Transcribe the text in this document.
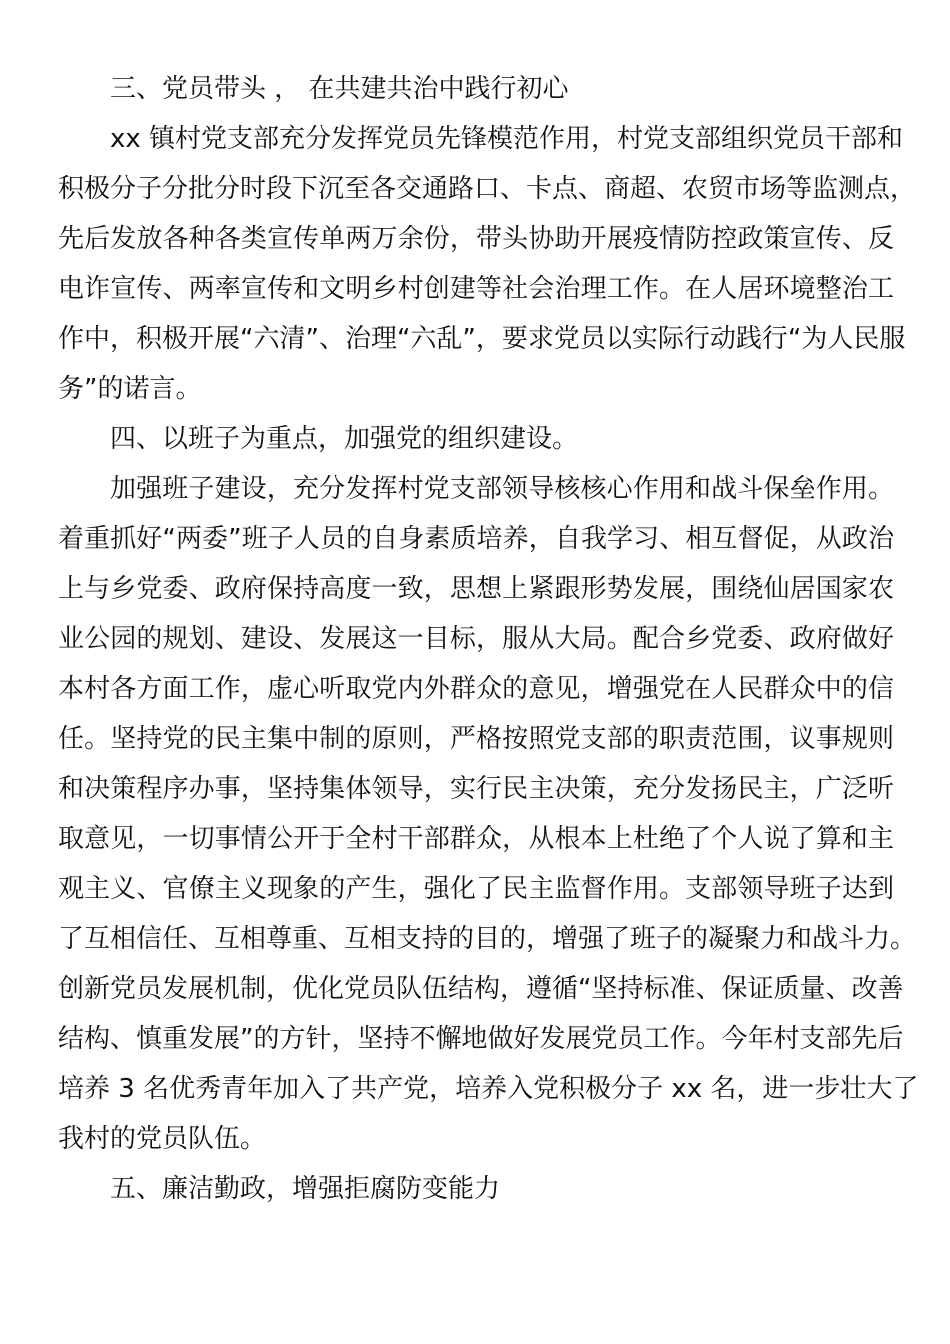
三、党员带头 ， 在共建共治中践行初心
xx 镇村党支部充分发挥党员先锋模范作用，村党支部组织党员干部和
积极分子分批分时段下沉至各交通路口、卡点、商超、农贸市场等监测点，
先后发放各种各类宣传单两万余份，带头协助开展疫情防控政策宣传、反
电诈宣传、两率宣传和文明乡村创建等社会治理工作。在人居环境整治工
作中，积极开展“六清”、治理“六乱”，要求党员以实际行动践行“为人民服
务”的诺言。
四、以班子为重点，加强党的组织建设。
加强班子建设，充分发挥村党支部领导核核心作用和战斗保垒作用。
着重抓好“两委”班子人员的自身素质培养，自我学习、相互督促，从政治
上与乡党委、政府保持高度一致，思想上紧跟形势发展，围绕仙居国家农
业公园的规划、建设、发展这一目标，服从大局。配合乡党委、政府做好
本村各方面工作，虚心听取党内外群众的意见，增强党在人民群众中的信
任。坚持党的民主集中制的原则，严格按照党支部的职责范围，议事规则
和决策程序办事，坚持集体领导，实行民主决策，充分发扬民主，广泛听
取意见，一切事情公开于全村干部群众，从根本上杜绝了个人说了算和主
观主义、官僚主义现象的产生，强化了民主监督作用。支部领导班子达到
了互相信任、互相尊重、互相支持的目的，增强了班子的凝聚力和战斗力。
创新党员发展机制，优化党员队伍结构，遵循“坚持标准、保证质量、改善
结构、慎重发展”的方针，坚持不懈地做好发展党员工作。今年村支部先后
培养 3 名优秀青年加入了共产党，培养入党积极分子 xx 名，进一步壮大了
我村的党员队伍。
五、廉洁勤政，增强拒腐防变能力
